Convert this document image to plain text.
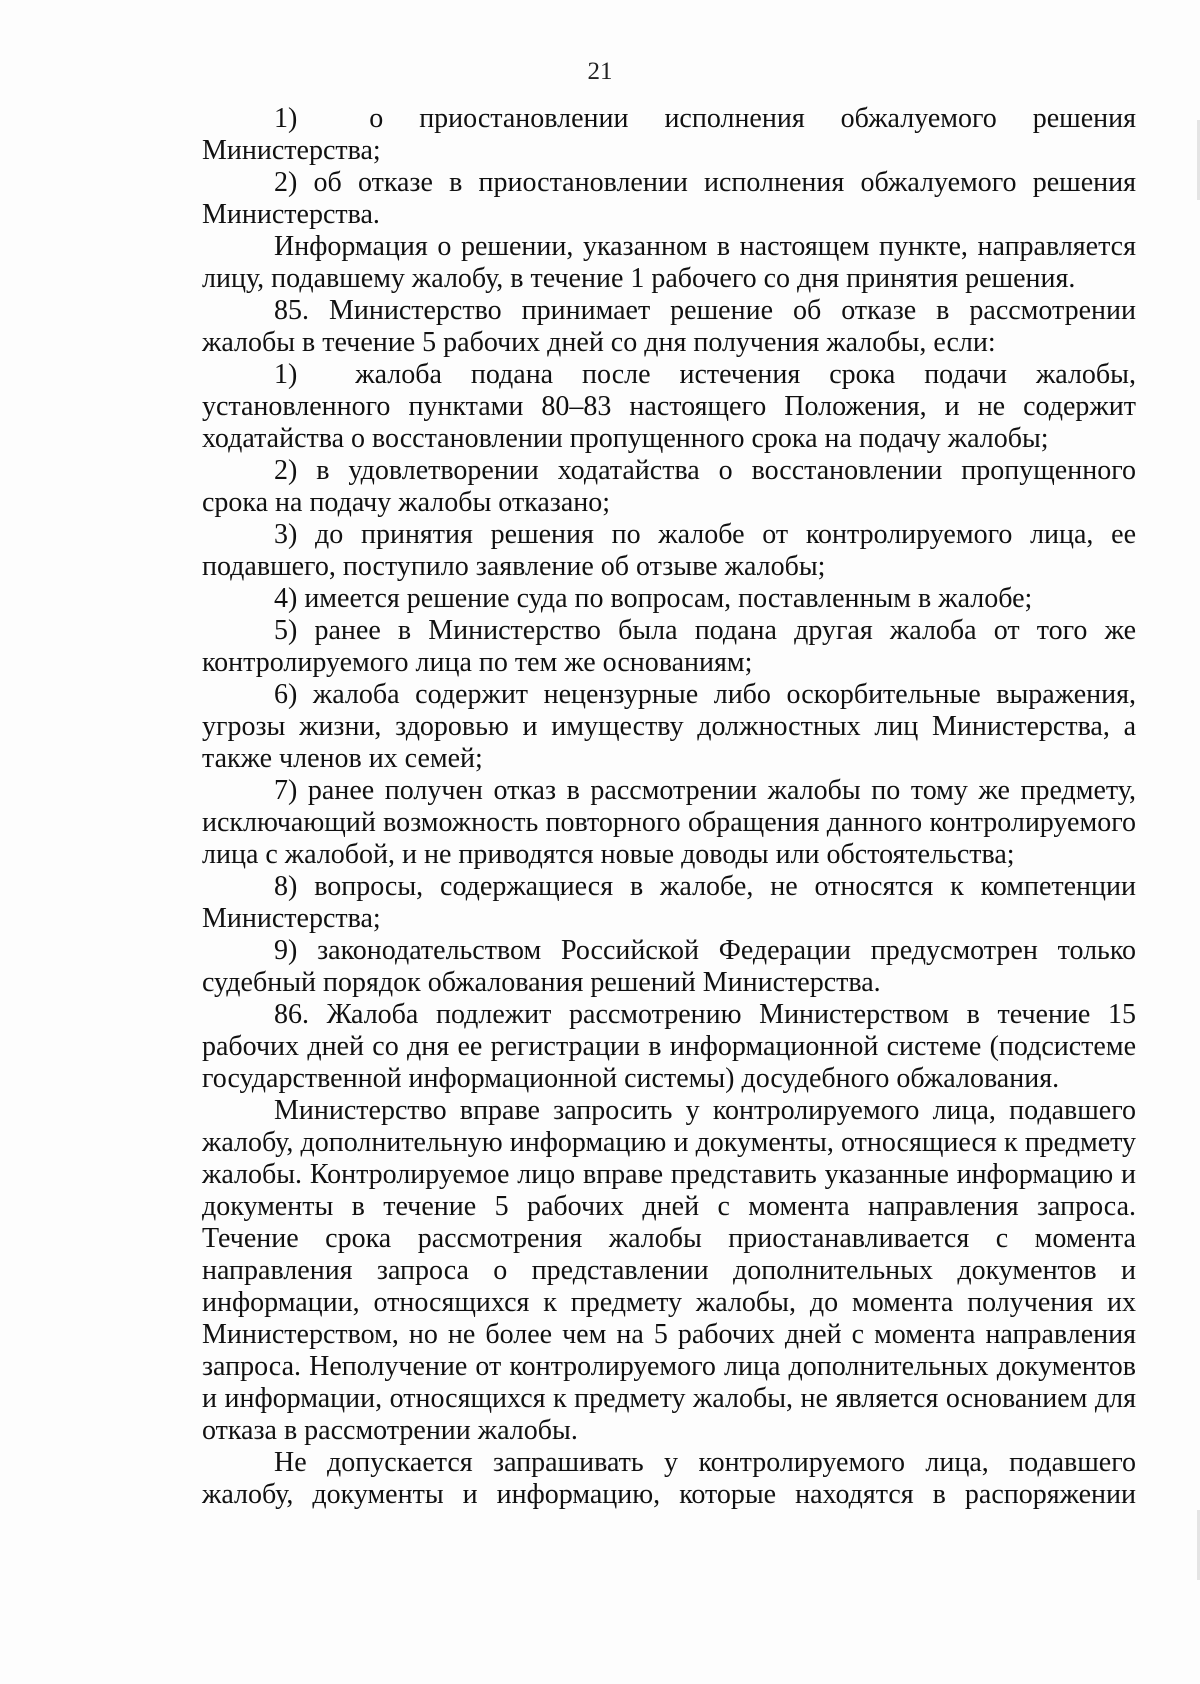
21

1)  о приостановлении исполнения обжалуемого решения Министерства;

2) об отказе в приостановлении исполнения обжалуемого решения Министерства.

Информация о решении, указанном в настоящем пункте, направляется лицу, подавшему жалобу, в течение 1 рабочего со дня принятия решения.

85. Министерство принимает решение об отказе в рассмотрении жалобы в течение 5 рабочих дней со дня получения жалобы, если:

1)  жалоба подана после истечения срока подачи жалобы, установленного пунктами 80–83 настоящего Положения, и не содержит ходатайства о восстановлении пропущенного срока на подачу жалобы;

2) в удовлетворении ходатайства о восстановлении пропущенного срока на подачу жалобы отказано;

3) до принятия решения по жалобе от контролируемого лица, ее подавшего, поступило заявление об отзыве жалобы;

4) имеется решение суда по вопросам, поставленным в жалобе;

5) ранее в Министерство была подана другая жалоба от того же контролируемого лица по тем же основаниям;

6) жалоба содержит нецензурные либо оскорбительные выражения, угрозы жизни, здоровью и имуществу должностных лиц Министерства, а также членов их семей;

7) ранее получен отказ в рассмотрении жалобы по тому же предмету, исключающий возможность повторного обращения данного контролируемого лица с жалобой, и не приводятся новые доводы или обстоятельства;

8) вопросы, содержащиеся в жалобе, не относятся к компетенции Министерства;

9) законодательством Российской Федерации предусмотрен только судебный порядок обжалования решений Министерства.

86. Жалоба подлежит рассмотрению Министерством в течение 15 рабочих дней со дня ее регистрации в информационной системе (подсистеме государственной информационной системы) досудебного обжалования.

Министерство вправе запросить у контролируемого лица, подавшего жалобу, дополнительную информацию и документы, относящиеся к предмету жалобы. Контролируемое лицо вправе представить указанные информацию и документы в течение 5 рабочих дней с момента направления запроса. Течение срока рассмотрения жалобы приостанавливается с момента направления запроса о представлении дополнительных документов и информации, относящихся к предмету жалобы, до момента получения их Министерством, но не более чем на 5 рабочих дней с момента направления запроса. Неполучение от контролируемого лица дополнительных документов и информации, относящихся к предмету жалобы, не является основанием для отказа в рассмотрении жалобы.

Не допускается запрашивать у контролируемого лица, подавшего жалобу, документы и информацию, которые находятся в распоряжении
